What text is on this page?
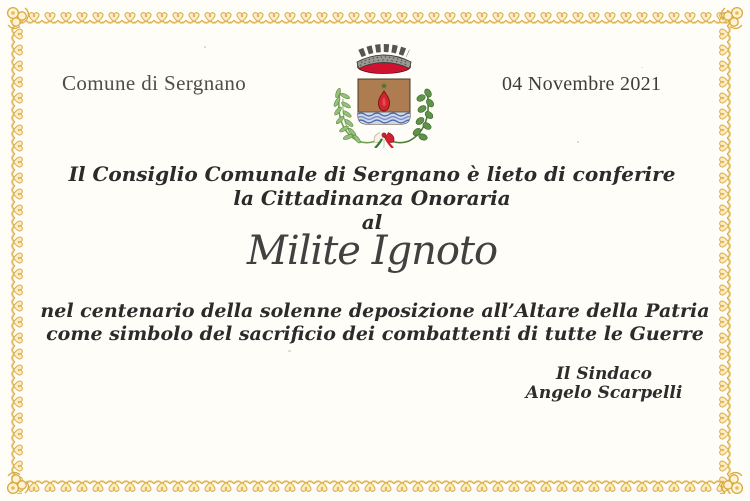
Comune di Sergnano	04 Novembre 2021
Il Consiglio Comunale di Sergnano è lieto di conferire
la Cittadinanza Onoraria
al
Milite Ignoto
nel centenario della solenne deposizione all’Altare della Patria
come simbolo del sacrificio dei combattenti di tutte le Guerre
Il Sindaco
Angelo Scarpelli
